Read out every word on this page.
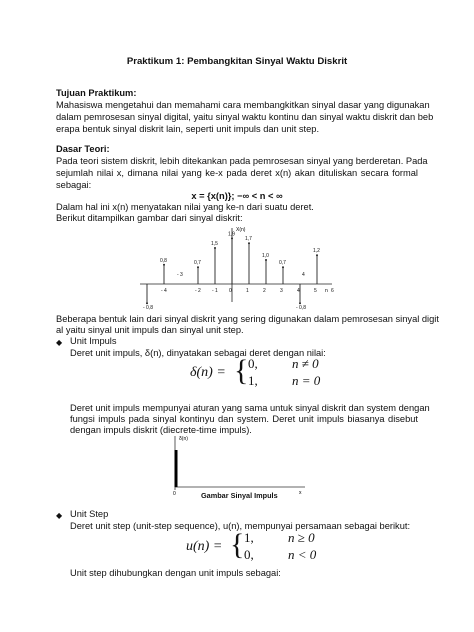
Praktikum 1: Pembangkitan Sinyal Waktu Diskrit
Tujuan Praktikum:
Mahasiswa mengetahui dan memahami cara membangkitkan sinyal dasar yang digunakan
dalam pemrosesan sinyal digital, yaitu sinyal waktu kontinu dan sinyal waktu diskrit dan beb
erapa bentuk sinyal diskrit lain, seperti unit impuls dan unit step.
Dasar Teori:
Pada teori sistem diskrit, lebih ditekankan pada pemrosesan sinyal yang berderetan. Pada
sejumlah nilai x, dimana nilai yang ke-x pada deret x(n) akan dituliskan secara formal
sebagai:
x = {x(n)}; −∞ < n < ∞
Dalam hal ini x(n) menyatakan nilai yang ke-n dari suatu deret.
Berikut ditampilkan gambar dari sinyal diskrit:
X(n)
n
0,8
- 3
0,7
1,5
1,9
1,7
1,0
0,7
- 0,8
1,2
- 0,8
- 4	- 2 - 1 0	1	2	3	4	5	6
4
Beberapa bentuk lain dari sinyal diskrit yang sering digunakan dalam pemrosesan sinyal digit
al yaitu sinyal unit impuls dan sinyal unit step.
◆ Unit Impuls
Deret unit impuls, δ(n), dinyatakan sebagai deret dengan nilai:
δ(n) = { 0,	n ≠ 0
1,	n = 0
Deret unit impuls mempunyai aturan yang sama untuk sinyal diskrit dan system dengan
fungsi impuls pada sinyal kontinyu dan system. Deret unit impuls biasanya disebut
dengan impuls diskrit (diecrete-time impuls).
δ(n)
0	x
Gambar Sinyal Impuls
◆ Unit Step
Deret unit step (unit-step sequence), u(n), mempunyai persamaan sebagai berikut:
u(n) = { 1,	n ≥ 0
0,	n < 0
Unit step dihubungkan dengan unit impuls sebagai:
